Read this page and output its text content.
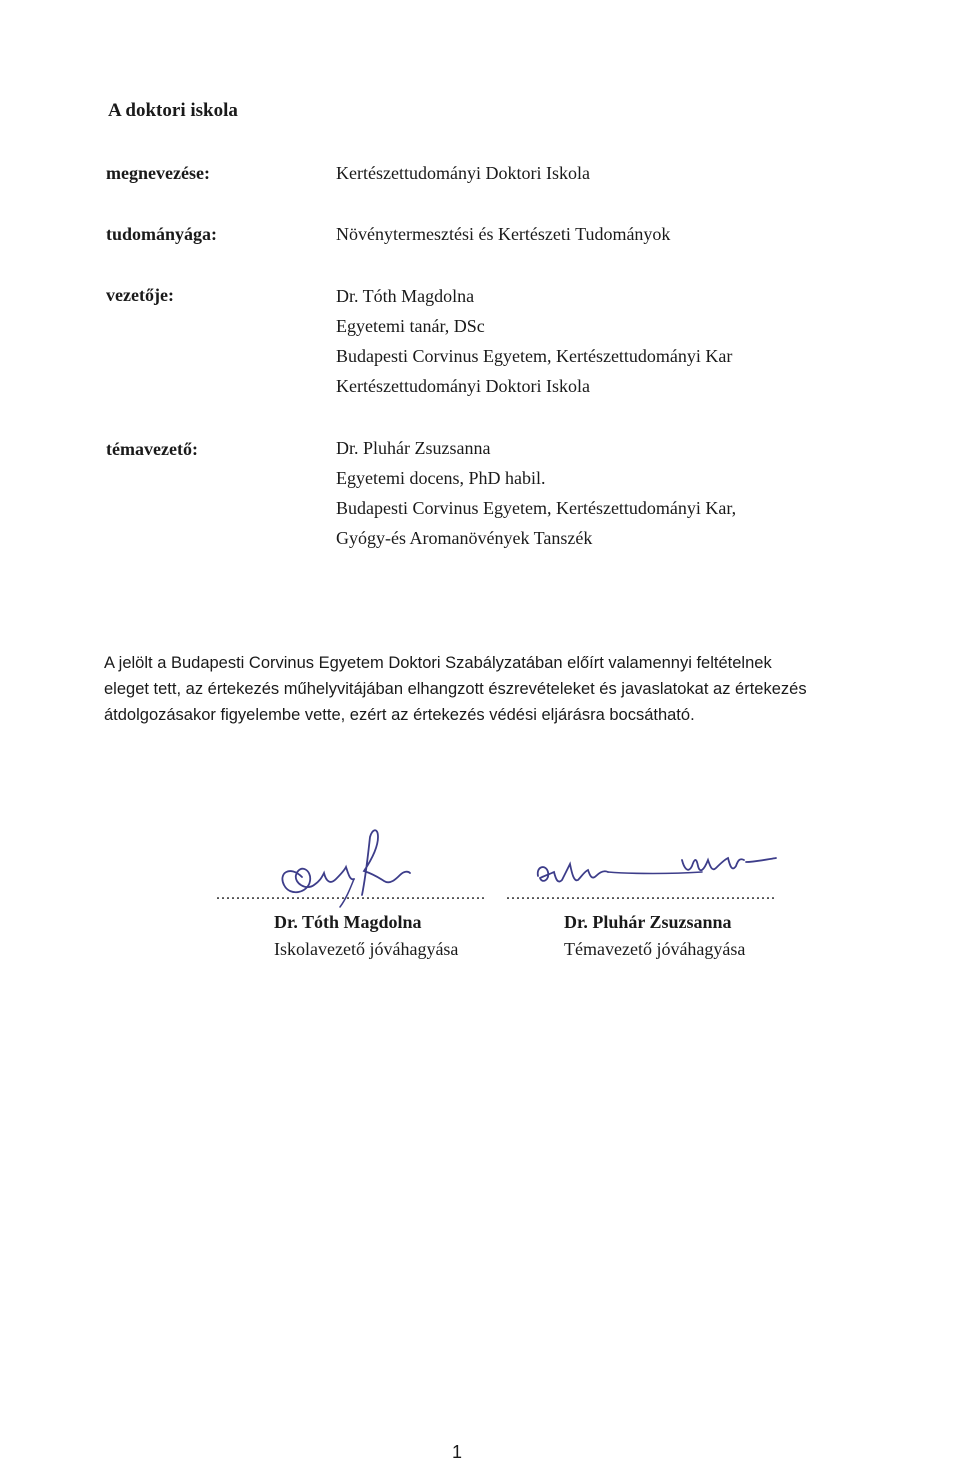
A doktori iskola
megnevezése:	Kertészettudományi Doktori Iskola
tudományága:	Növénytermesztési és Kertészeti Tudományok
vezetője:	Dr. Tóth Magdolna
Egyetemi tanár, DSc
Budapesti Corvinus Egyetem, Kertészettudományi Kar
Kertészettudományi Doktori Iskola
témavezető:	Dr. Pluhár Zsuzsanna
Egyetemi docens, PhD habil.
Budapesti Corvinus Egyetem, Kertészettudományi Kar,
Gyógy-és Aromanövények Tanszék
A jelölt a Budapesti Corvinus Egyetem Doktori Szabályzatában előírt valamennyi feltételnek
eleget tett, az értekezés műhelyvitájában elhangzott észrevételeket és javaslatokat az értekezés
átdolgozásakor figyelembe vette, ezért az értekezés védési eljárásra bocsátható.
......................................................
Dr. Tóth Magdolna
Iskolavezető jóváhagyása
......................................................
Dr. Pluhár Zsuzsanna
Témavezető jóváhagyása
1
